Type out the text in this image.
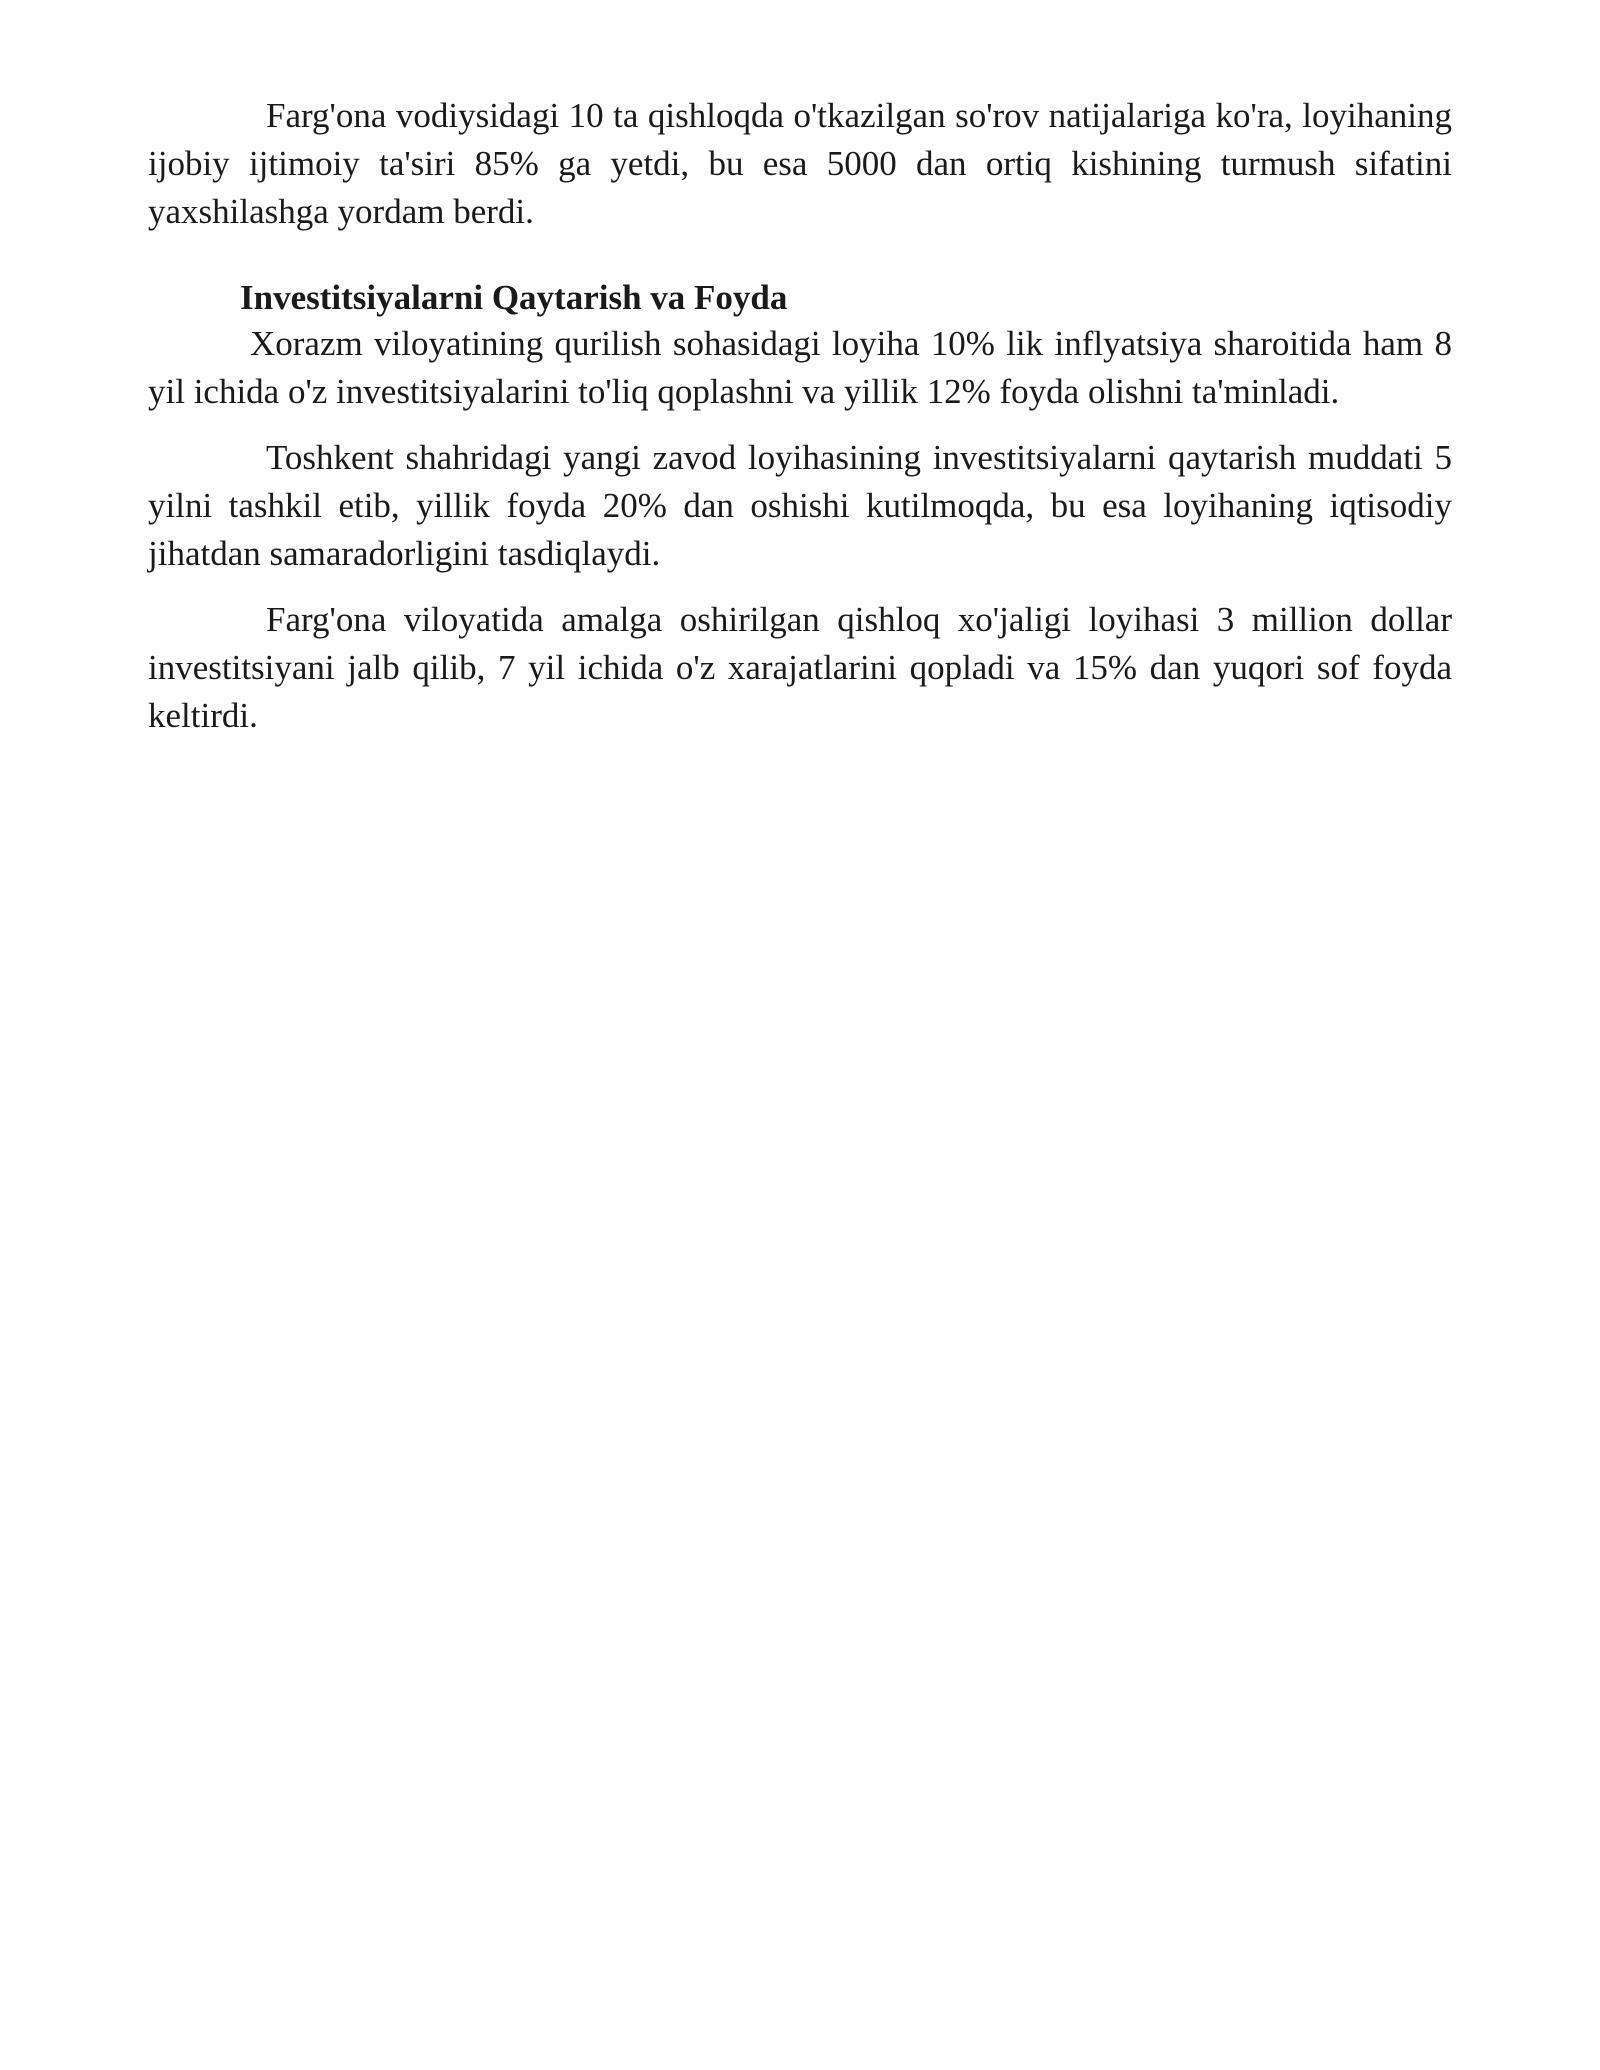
Farg'ona vodiysidagi 10 ta qishloqda o'tkazilgan so'rov natijalariga ko'ra, loyihaning ijobiy ijtimoiy ta'siri 85% ga yetdi, bu esa 5000 dan ortiq kishining turmush sifatini yaxshilashga yordam berdi.

Investitsiyalarni Qaytarish va Foyda

Xorazm viloyatining qurilish sohasidagi loyiha 10% lik inflyatsiya sharoitida ham 8 yil ichida o'z investitsiyalarini to'liq qoplashni va yillik 12% foyda olishni ta'minladi.

Toshkent shahridagi yangi zavod loyihasining investitsiyalarni qaytarish muddati 5 yilni tashkil etib, yillik foyda 20% dan oshishi kutilmoqda, bu esa loyihaning iqtisodiy jihatdan samaradorligini tasdiqlaydi.

Farg'ona viloyatida amalga oshirilgan qishloq xo'jaligi loyihasi 3 million dollar investitsiyani jalb qilib, 7 yil ichida o'z xarajatlarini qopladi va 15% dan yuqori sof foyda keltirdi.
